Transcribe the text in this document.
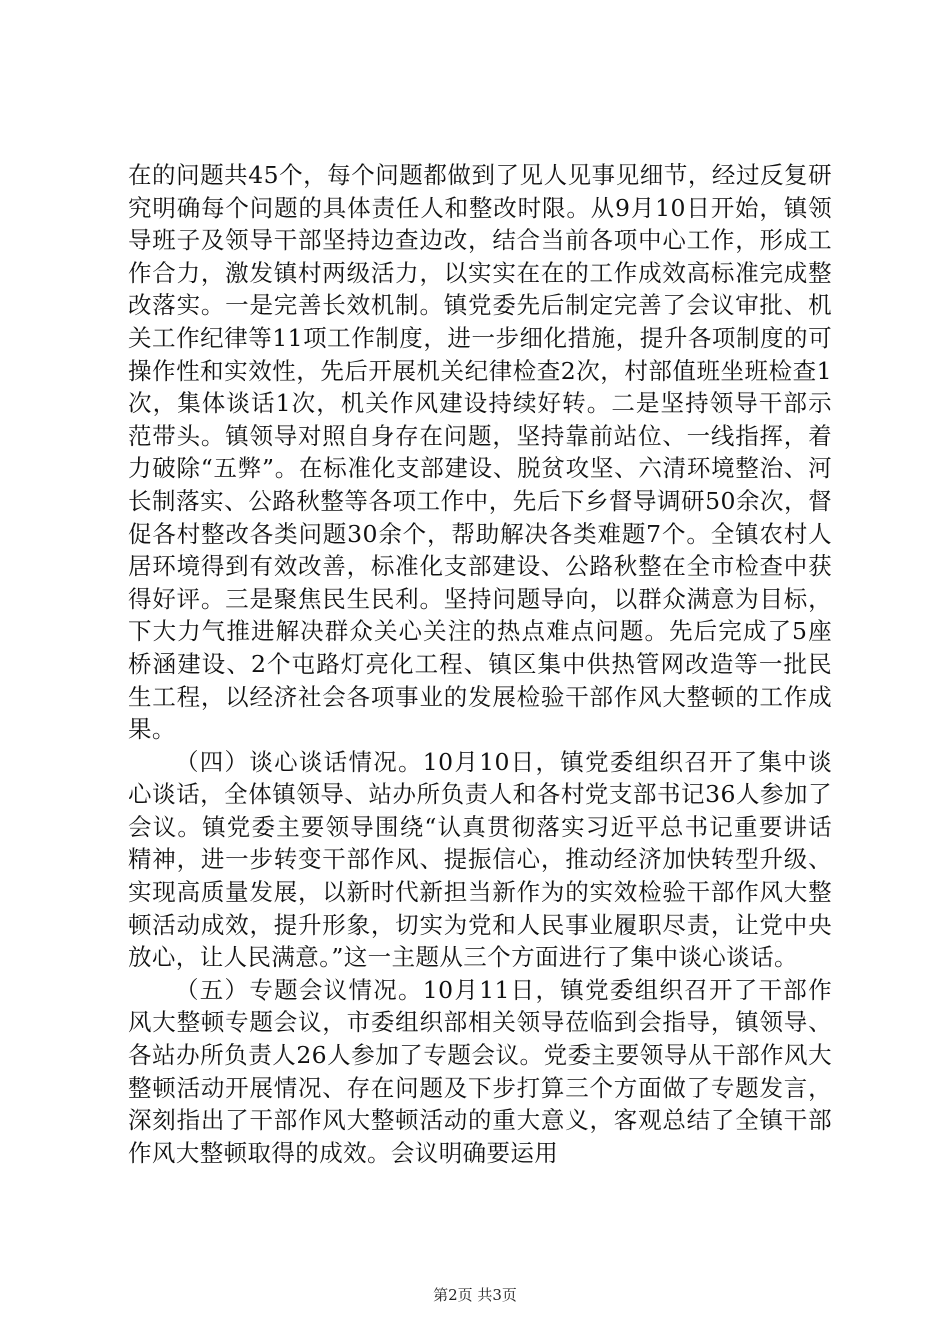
在的问题共45个，每个问题都做到了见人见事见细节，经过反复研究明确每个问题的具体责任人和整改时限。从9月10日开始，镇领导班子及领导干部坚持边查边改，结合当前各项中心工作，形成工作合力，激发镇村两级活力，以实实在在的工作成效高标准完成整改落实。一是完善长效机制。镇党委先后制定完善了会议审批、机关工作纪律等11项工作制度，进一步细化措施，提升各项制度的可操作性和实效性，先后开展机关纪律检查2次，村部值班坐班检查1次，集体谈话1次，机关作风建设持续好转。二是坚持领导干部示范带头。镇领导对照自身存在问题，坚持靠前站位、一线指挥，着力破除“五弊”。在标准化支部建设、脱贫攻坚、六清环境整治、河长制落实、公路秋整等各项工作中，先后下乡督导调研50余次，督促各村整改各类问题30余个，帮助解决各类难题7个。全镇农村人居环境得到有效改善，标准化支部建设、公路秋整在全市检查中获得好评。三是聚焦民生民利。坚持问题导向，以群众满意为目标，下大力气推进解决群众关心关注的热点难点问题。先后完成了5座桥涵建设、2个屯路灯亮化工程、镇区集中供热管网改造等一批民生工程，以经济社会各项事业的发展检验干部作风大整顿的工作成果。

（四）谈心谈话情况。10月10日，镇党委组织召开了集中谈心谈话，全体镇领导、站办所负责人和各村党支部书记36人参加了会议。镇党委主要领导围绕“认真贯彻落实习近平总书记重要讲话精神，进一步转变干部作风、提振信心，推动经济加快转型升级、实现高质量发展，以新时代新担当新作为的实效检验干部作风大整顿活动成效，提升形象，切实为党和人民事业履职尽责，让党中央放心，让人民满意。”这一主题从三个方面进行了集中谈心谈话。

（五）专题会议情况。10月11日，镇党委组织召开了干部作风大整顿专题会议，市委组织部相关领导莅临到会指导，镇领导、各站办所负责人26人参加了专题会议。党委主要领导从干部作风大整顿活动开展情况、存在问题及下步打算三个方面做了专题发言，深刻指出了干部作风大整顿活动的重大意义，客观总结了全镇干部作风大整顿取得的成效。会议明确要运用

第2页 共3页
